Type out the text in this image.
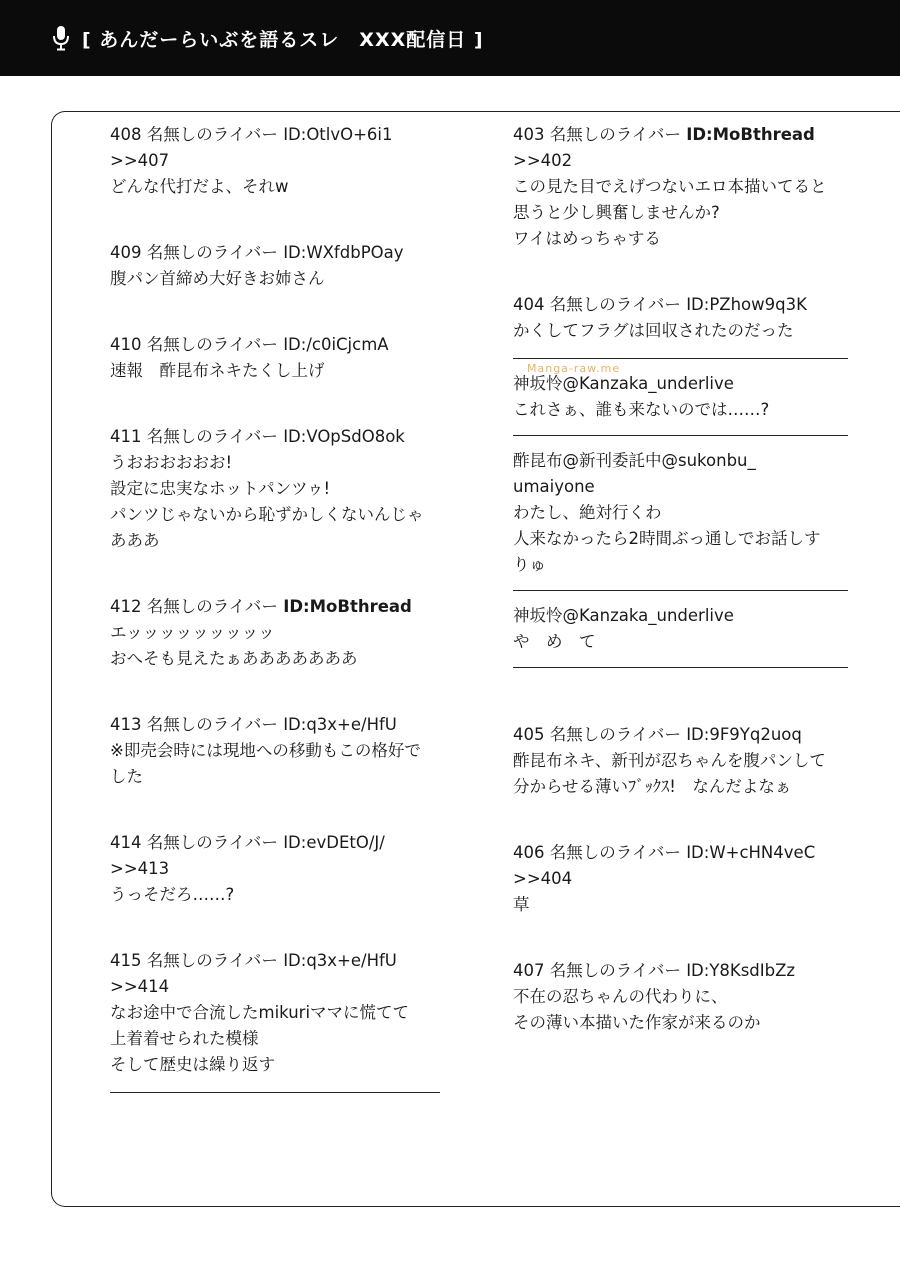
[ あんだーらいぶを語るスレ　XXX配信日 ]
Manga-raw.me
408 名無しのライバー ID:OtlvO+6i1
>>407
どんな代打だよ、それw
409 名無しのライバー ID:WXfdbPOay
腹パン首締め大好きお姉さん
410 名無しのライバー ID:/c0iCjcmA
速報　酢昆布ネキたくし上げ
411 名無しのライバー ID:VOpSdO8ok
うおおおおおお!
設定に忠実なホットパンツゥ!
パンツじゃないから恥ずかしくないんじゃ
あああ
412 名無しのライバー ID:MoBthread
エッッッッッッッッッ
おへそも見えたぁあああああああ
413 名無しのライバー ID:q3x+e/HfU
※即売会時には現地への移動もこの格好で
した
414 名無しのライバー ID:evDEtO/J/
>>413
うっそだろ……?
415 名無しのライバー ID:q3x+e/HfU
>>414
なお途中で合流したmikuriママに慌てて
上着着せられた模様
そして歴史は繰り返す
403 名無しのライバー ID:MoBthread
>>402
この見た目でえげつないエロ本描いてると
思うと少し興奮しませんか?
ワイはめっちゃする
404 名無しのライバー ID:PZhow9q3K
かくしてフラグは回収されたのだった
神坂怜@Kanzaka_underlive
これさぁ、誰も来ないのでは……?
酢昆布@新刊委託中@sukonbu_
umaiyone
わたし、絶対行くわ
人来なかったら2時間ぶっ通しでお話しす
りゅ
神坂怜@Kanzaka_underlive
や　め　て
405 名無しのライバー ID:9F9Yq2uoq
酢昆布ネキ、新刊が忍ちゃんを腹パンして
分からせる薄いﾌﾞｯｸｽ!　なんだよなぁ
406 名無しのライバー ID:W+cHN4veC
>>404
草
407 名無しのライバー ID:Y8KsdIbZz
不在の忍ちゃんの代わりに、
その薄い本描いた作家が来るのか
